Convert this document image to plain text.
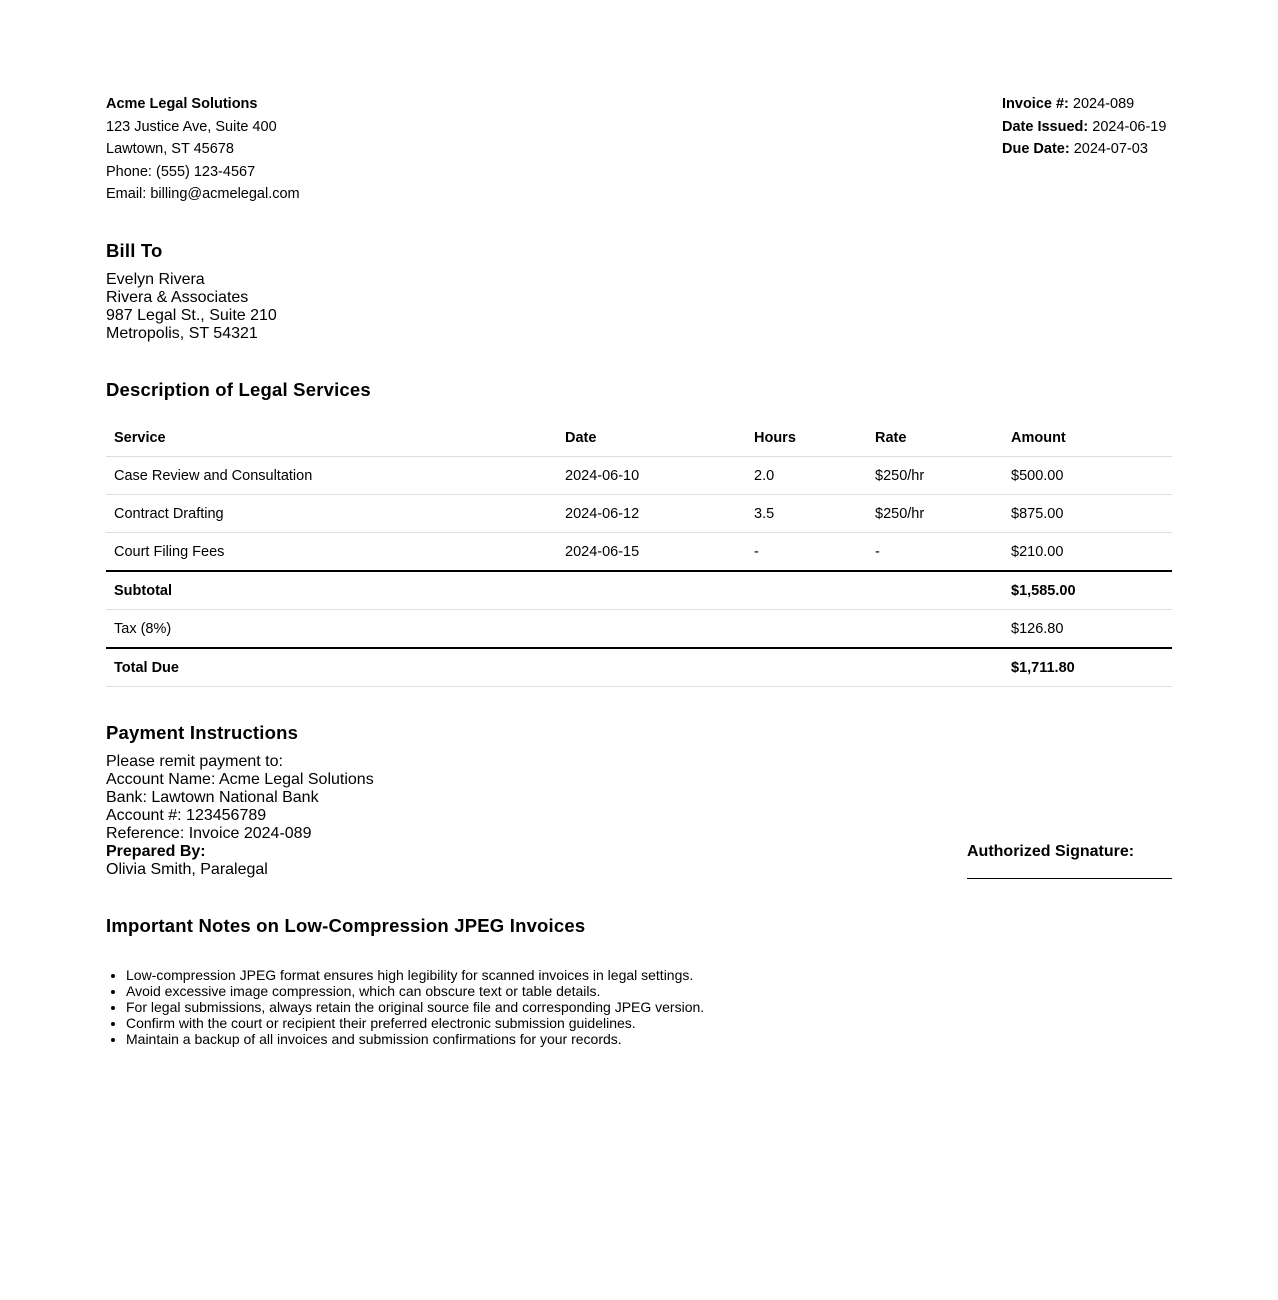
Acme Legal Solutions
123 Justice Ave, Suite 400
Lawtown, ST 45678
Phone: (555) 123-4567
Email: billing@acmelegal.com
Invoice #: 2024-089
Date Issued: 2024-06-19
Due Date: 2024-07-03
Bill To
Evelyn Rivera
Rivera & Associates
987 Legal St., Suite 210
Metropolis, ST 54321
Description of Legal Services
Service	Date	Hours	Rate	Amount
Case Review and Consultation	2024-06-10	2.0	$250/hr	$500.00
Contract Drafting	2024-06-12	3.5	$250/hr	$875.00
Court Filing Fees	2024-06-15	-	-	$210.00
Subtotal				$1,585.00
Tax (8%)				$126.80
Total Due				$1,711.80
Payment Instructions
Please remit payment to:
Account Name: Acme Legal Solutions
Bank: Lawtown National Bank
Account #: 123456789
Reference: Invoice 2024-089
Prepared By:
Olivia Smith, Paralegal
Authorized Signature:
Important Notes on Low-Compression JPEG Invoices
• Low-compression JPEG format ensures high legibility for scanned invoices in legal settings.
• Avoid excessive image compression, which can obscure text or table details.
• For legal submissions, always retain the original source file and corresponding JPEG version.
• Confirm with the court or recipient their preferred electronic submission guidelines.
• Maintain a backup of all invoices and submission confirmations for your records.
